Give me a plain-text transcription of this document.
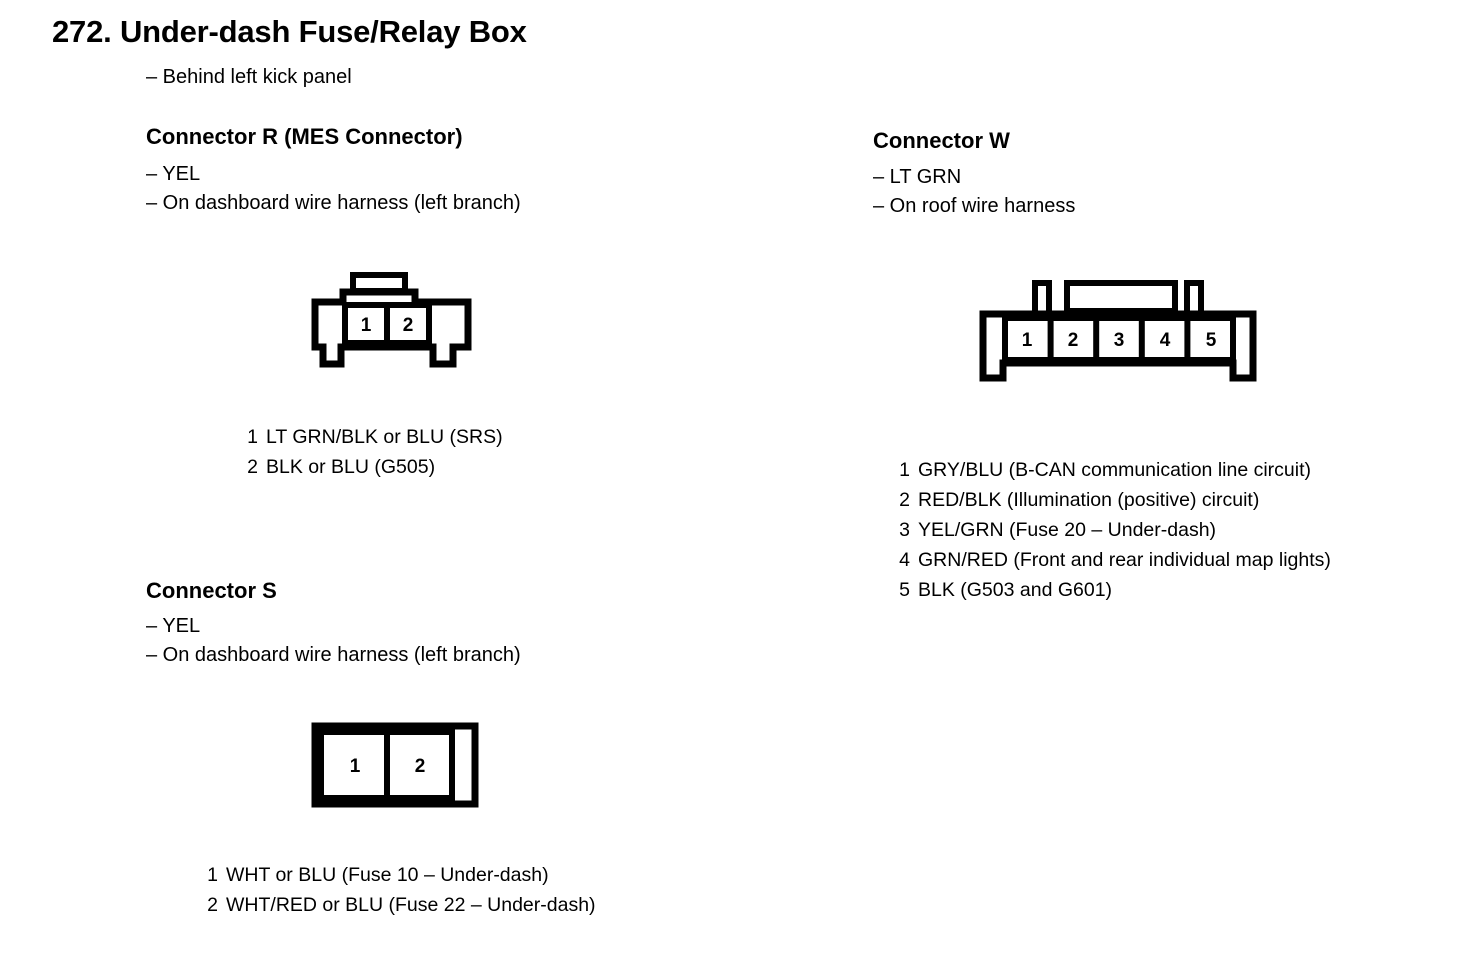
272. Under-dash Fuse/Relay Box
– Behind left kick panel
Connector R (MES Connector)
– YEL
– On dashboard wire harness (left branch)
1 2
1 LT GRN/BLK or BLU (SRS)
2 BLK or BLU (G505)
Connector S
– YEL
– On dashboard wire harness (left branch)
1	2
1 WHT or BLU (Fuse 10 – Under-dash)
2 WHT/RED or BLU (Fuse 22 – Under-dash)
Connector W
– LT GRN
– On roof wire harness
1 2 3 4 5
1 GRY/BLU (B-CAN communication line circuit)
2 RED/BLK (Illumination (positive) circuit)
3 YEL/GRN (Fuse 20 – Under-dash)
4 GRN/RED (Front and rear individual map lights)
5 BLK (G503 and G601)
